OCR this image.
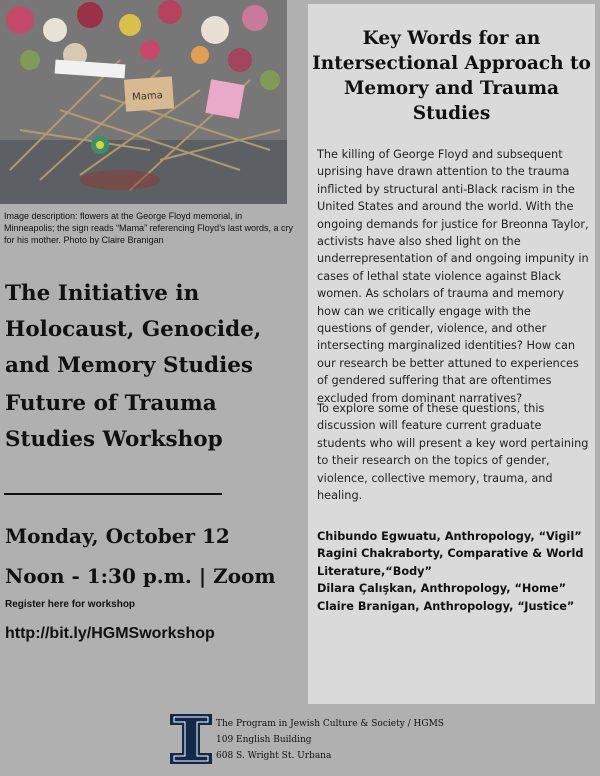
Mama
Image description: flowers at the George Floyd memorial, in Minneapolis; the sign reads “Mama” referencing Floyd’s last words, a cry for his mother. Photo by Claire Branigan
The Initiative in Holocaust, Genocide, and Memory Studies
Future of Trauma Studies Workshop
Monday, October 12
Noon - 1:30 p.m. | Zoom
Register here for workshop
http://bit.ly/HGMSworkshop
Key Words for an Intersectional Approach to Memory and Trauma Studies

The killing of George Floyd and subsequent uprising have drawn attention to the trauma inflicted by structural anti-Black racism in the United States and around the world. With the ongoing demands for justice for Breonna Taylor, activists have also shed light on the underrepresentation of and ongoing impunity in cases of lethal state violence against Black women. As scholars of trauma and memory how can we critically engage with the questions of gender, violence, and other intersecting marginalized identities? How can our research be better attuned to experiences of gendered suffering that are oftentimes excluded from dominant narratives?

To explore some of these questions, this discussion will feature current graduate students who will present a key word pertaining to their research on the topics of gender, violence, collective memory, trauma, and healing.

Chibundo Egwuatu, Anthropology, “Vigil”
Ragini Chakraborty, Comparative & World Literature,“Body”
Dilara Çalışkan, Anthropology, “Home”
Claire Branigan, Anthropology, “Justice”
The Program in Jewish Culture & Society / HGMS
109 English Building
608 S. Wright St. Urbana
